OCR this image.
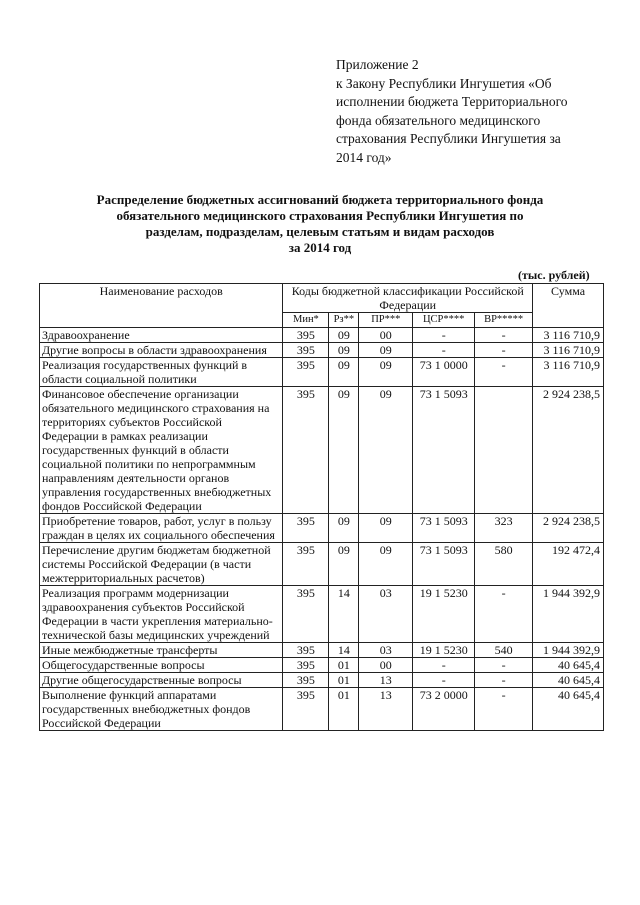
Приложение 2
к Закону Республики Ингушетия «Об
исполнении бюджета Территориального
фонда обязательного медицинского
страхования Республики Ингушетия за
2014 год»
Распределение бюджетных ассигнований бюджета территориального фонда
обязательного медицинского страхования Республики Ингушетия по
разделам, подразделам, целевым статьям и видам расходов
за 2014 год
(тыс. рублей)
Наименование расходов	Коды бюджетной классификации Российской Федерации					Сумма
	Мин*	Рз**	ПР***	ЦСР****	ВР*****	
Здравоохранение	395	09	00	-	-	3 116 710,9
Другие вопросы в области здравоохранения	395	09	09	-	-	3 116 710,9
Реализация государственных функций в области социальной политики	395	09	09	73 1 0000	-	3 116 710,9
Финансовое обеспечение организации обязательного медицинского страхования на территориях субъектов Российской Федерации в рамках реализации государственных функций в области социальной политики по непрограммным направлениям деятельности органов управления государственных внебюджетных фондов Российской Федерации	395	09	09	73 1 5093		2 924 238,5
Приобретение товаров, работ, услуг в пользу граждан в целях их социального обеспечения	395	09	09	73 1 5093	323	2 924 238,5
Перечисление другим бюджетам бюджетной системы Российской Федерации (в части межтерриториальных расчетов)	395	09	09	73 1 5093	580	192 472,4
Реализация программ модернизации здравоохранения субъектов Российской Федерации в части укрепления материально-технической базы медицинских учреждений	395	14	03	19 1 5230	-	1 944 392,9
Иные межбюджетные трансферты	395	14	03	19 1 5230	540	1 944 392,9
Общегосударственные вопросы	395	01	00	-	-	40 645,4
Другие общегосударственные вопросы	395	01	13	-	-	40 645,4
Выполнение функций аппаратами государственных внебюджетных фондов Российской Федерации	395	01	13	73 2 0000	-	40 645,4
